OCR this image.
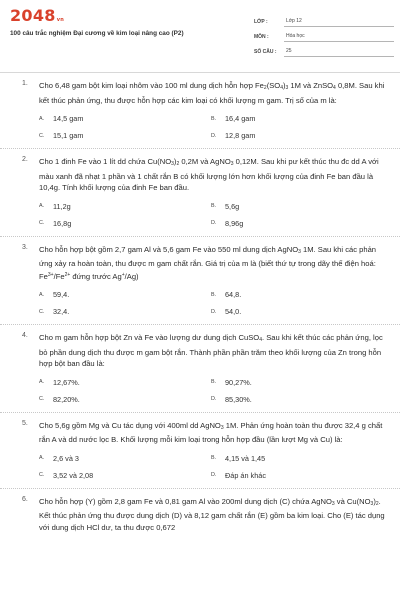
2048vn
100 câu trắc nghiệm Đại cương về kim loại nâng cao (P2)
LỚP :	Lớp 12
MÔN :	Hóa học
SỐ CÂU :	25
1. Cho 6,48 gam bột kim loại nhôm vào 100 ml dung dịch hỗn hợp $Fe_2(SO_4)_3$ 1M và ZnSO$_4$ 0,8M. Sau khi kết thúc phản ứng, thu được hỗn hợp các kim loại có khối lượng m gam. Trị số của m là:
A.	14,5 gam	B.	16,4 gam
C.	15,1 gam	D.	12,8 gam
2. Cho 1 đinh Fe vào 1 lít dd chứa $Cu(NO_3)_2$ 0,2M và AgNO$_3$ 0,12M. Sau khi pư kết thúc thu đc dd A với màu xanh đã nhạt 1 phần và 1 chất rắn B có khối lượng lớn hơn khối lượng của đinh Fe ban đầu là 10,4g. Tính khối lượng của đinh Fe ban đầu.
A.	11,2g	B.	5,6g
C.	16,8g	D.	8,96g
3. Cho hỗn hợp bột gồm 2,7 gam Al và 5,6 gam Fe vào 550 ml dung dịch AgNO$_3$ 1M. Sau khi các phản ứng xảy ra hoàn toàn, thu được m gam chất rắn. Giá trị của m là (biết thứ tự trong dãy thế điện hoá: $Fe^{3+}/Fe^{2+}$ đứng trước Ag+/Ag)
A.	59,4.	B.	64,8.
C.	32,4.	D.	54,0.
4. Cho m gam hỗn hợp bột Zn và Fe vào lượng dư dung dịch CuSO$_4$. Sau khi kết thúc các phản ứng, lọc bỏ phần dung dịch thu được m gam bột rắn. Thành phần phần trăm theo khối lượng của Zn trong hỗn hợp bột ban đầu là:
A.	12,67%.	B.	90,27%.
C.	82,20%.	D.	85,30%.
5. Cho 5,6g gồm Mg và Cu tác dụng với 400ml dd AgNO$_3$ 1M. Phản ứng hoàn toàn thu được 32,4 g chất rắn A và dd nước lọc B. Khối lượng mỗi kim loại trong hỗn hợp đầu (lần lượt Mg và Cu) là:
A.	2,6 và 3	B.	4,15 và 1,45
C.	3,52 và 2,08	D.	Đáp án khác
6. Cho hỗn hợp (Y) gồm 2,8 gam Fe và 0,81 gam Al vào 200ml dung dịch (C) chứa AgNO$_3$ và $Cu(NO_3)_2$. Kết thúc phản ứng thu được dung dịch (D) và 8,12 gam chất rắn (E) gồm ba kim loại. Cho (E) tác dụng với dung dịch HCl dư, ta thu được 0,672
